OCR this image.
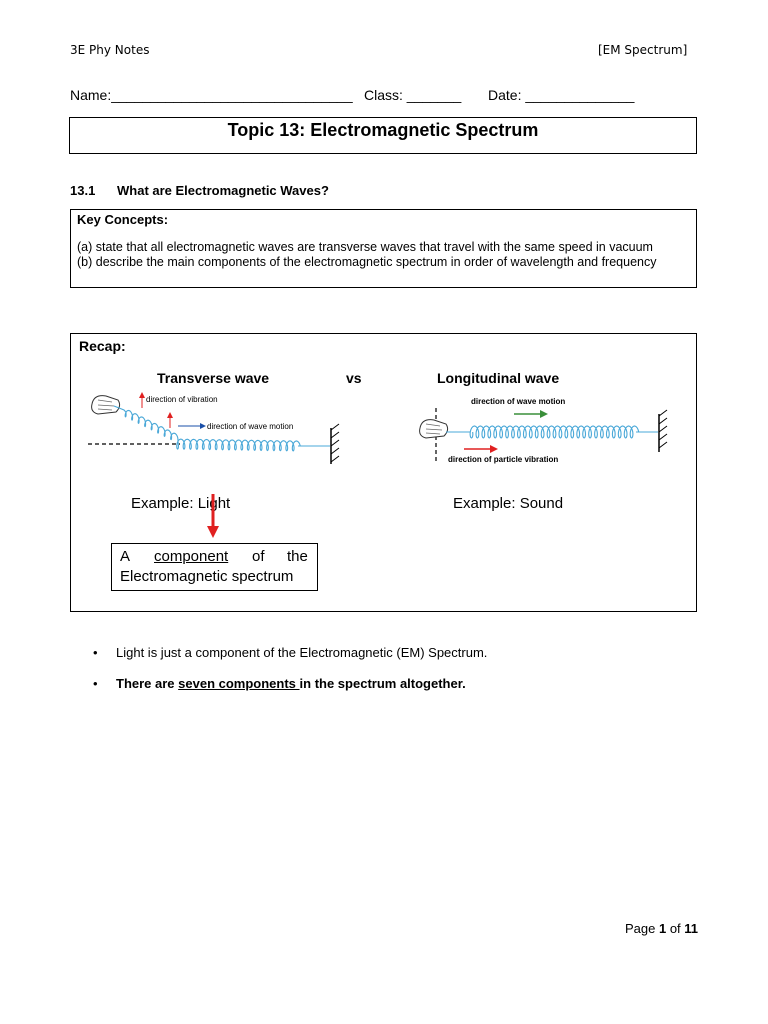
3E Phy Notes	[EM Spectrum]
Name:_______________________________ Class: _______ Date: ______________
Topic 13: Electromagnetic Spectrum
13.1 What are Electromagnetic Waves?
Key Concepts:
(a) state that all electromagnetic waves are transverse waves that travel with the same speed in vacuum
(b) describe the main components of the electromagnetic spectrum in order of wavelength and frequency
Recap:
Transverse wave	vs	Longitudinal wave
direction of vibration
direction of wave motion
direction of wave motion
direction of particle vibration
Example: Light	Example: Sound
A component of the
Electromagnetic spectrum
• Light is just a component of the Electromagnetic (EM) Spectrum.
• There are seven components in the spectrum altogether.
Page 1 of 11
